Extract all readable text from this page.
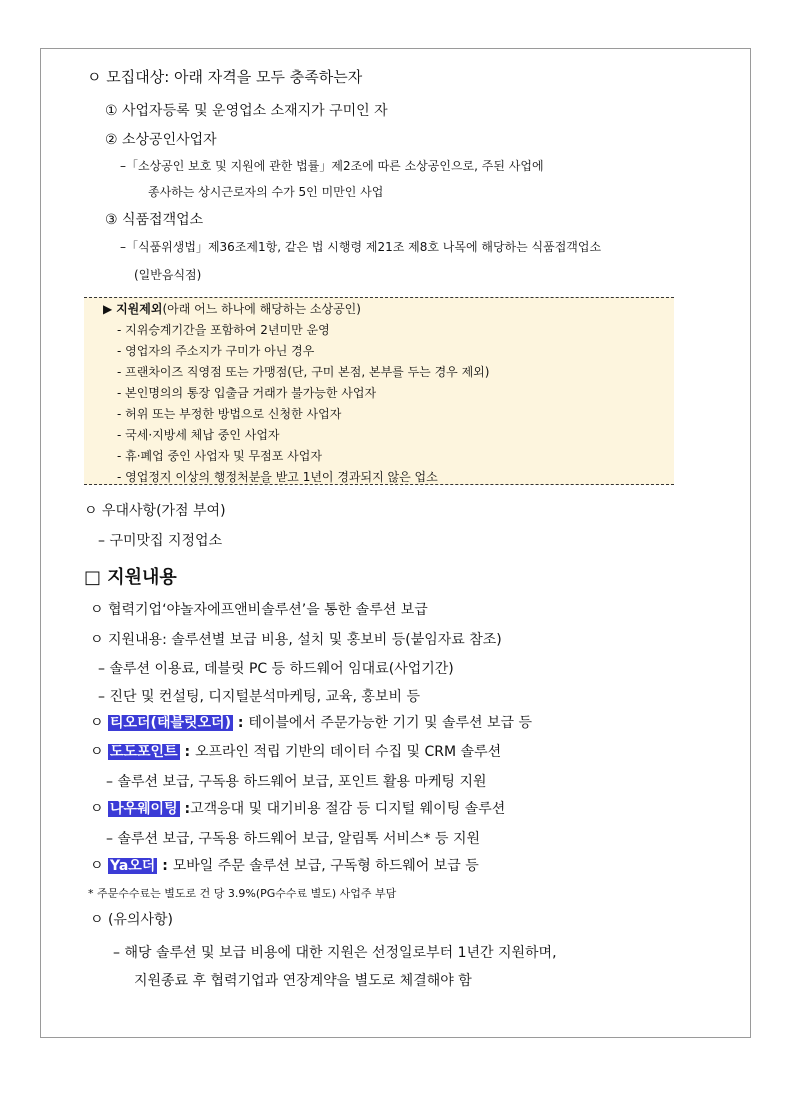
ㅇ 모집대상: 아래 자격을 모두 충족하는자
① 사업자등록 및 운영업소 소재지가 구미인 자
② 소상공인사업자
–「소상공인 보호 및 지원에 관한 법률」제2조에 따른 소상공인으로, 주된 사업에
종사하는 상시근로자의 수가 5인 미만인 사업
③ 식품접객업소
–「식품위생법」제36조제1항, 같은 법 시행령 제21조 제8호 나목에 해당하는 식품접객업소
(일반음식점)
▶ 지원제외(아래 어느 하나에 해당하는 소상공인)
- 지위승계기간을 포함하여 2년미만 운영
- 영업자의 주소지가 구미가 아닌 경우
- 프랜차이즈 직영점 또는 가맹점(단, 구미 본점, 본부를 두는 경우 제외)
- 본인명의의 통장 입출금 거래가 불가능한 사업자
- 허위 또는 부정한 방법으로 신청한 사업자
- 국세·지방세 체납 중인 사업자
- 휴·폐업 중인 사업자 및 무점포 사업자
- 영업정지 이상의 행정처분을 받고 1년이 경과되지 않은 업소
ㅇ 우대사항(가점 부여)
– 구미맛집 지정업소
□ 지원내용
ㅇ 협력기업‘야놀자에프앤비솔루션’을 통한 솔루션 보급
ㅇ 지원내용: 솔루션별 보급 비용, 설치 및 홍보비 등(붙임자료 참조)
– 솔루션 이용료, 데블릿 PC 등 하드웨어 임대료(사업기간)
– 진단 및 컨설팅, 디지털분석마케팅, 교육, 홍보비 등
ㅇ 티오더(태블릿오더) : 테이블에서 주문가능한 기기 및 솔루션 보급 등
ㅇ 도도포인트 : 오프라인 적립 기반의 데이터 수집 및 CRM 솔루션
– 솔루션 보급, 구독용 하드웨어 보급, 포인트 활용 마케팅 지원
ㅇ 나우웨이팅 :고객응대 및 대기비용 절감 등 디지털 웨이팅 솔루션
– 솔루션 보급, 구독용 하드웨어 보급, 알림톡 서비스* 등 지원
ㅇ Ya오더 : 모바일 주문 솔루션 보급, 구독형 하드웨어 보급 등
* 주문수수료는 별도로 건 당 3.9%(PG수수료 별도) 사업주 부담
ㅇ (유의사항)
– 해당 솔루션 및 보급 비용에 대한 지원은 선정일로부터 1년간 지원하며,
지원종료 후 협력기업과 연장계약을 별도로 체결해야 함
